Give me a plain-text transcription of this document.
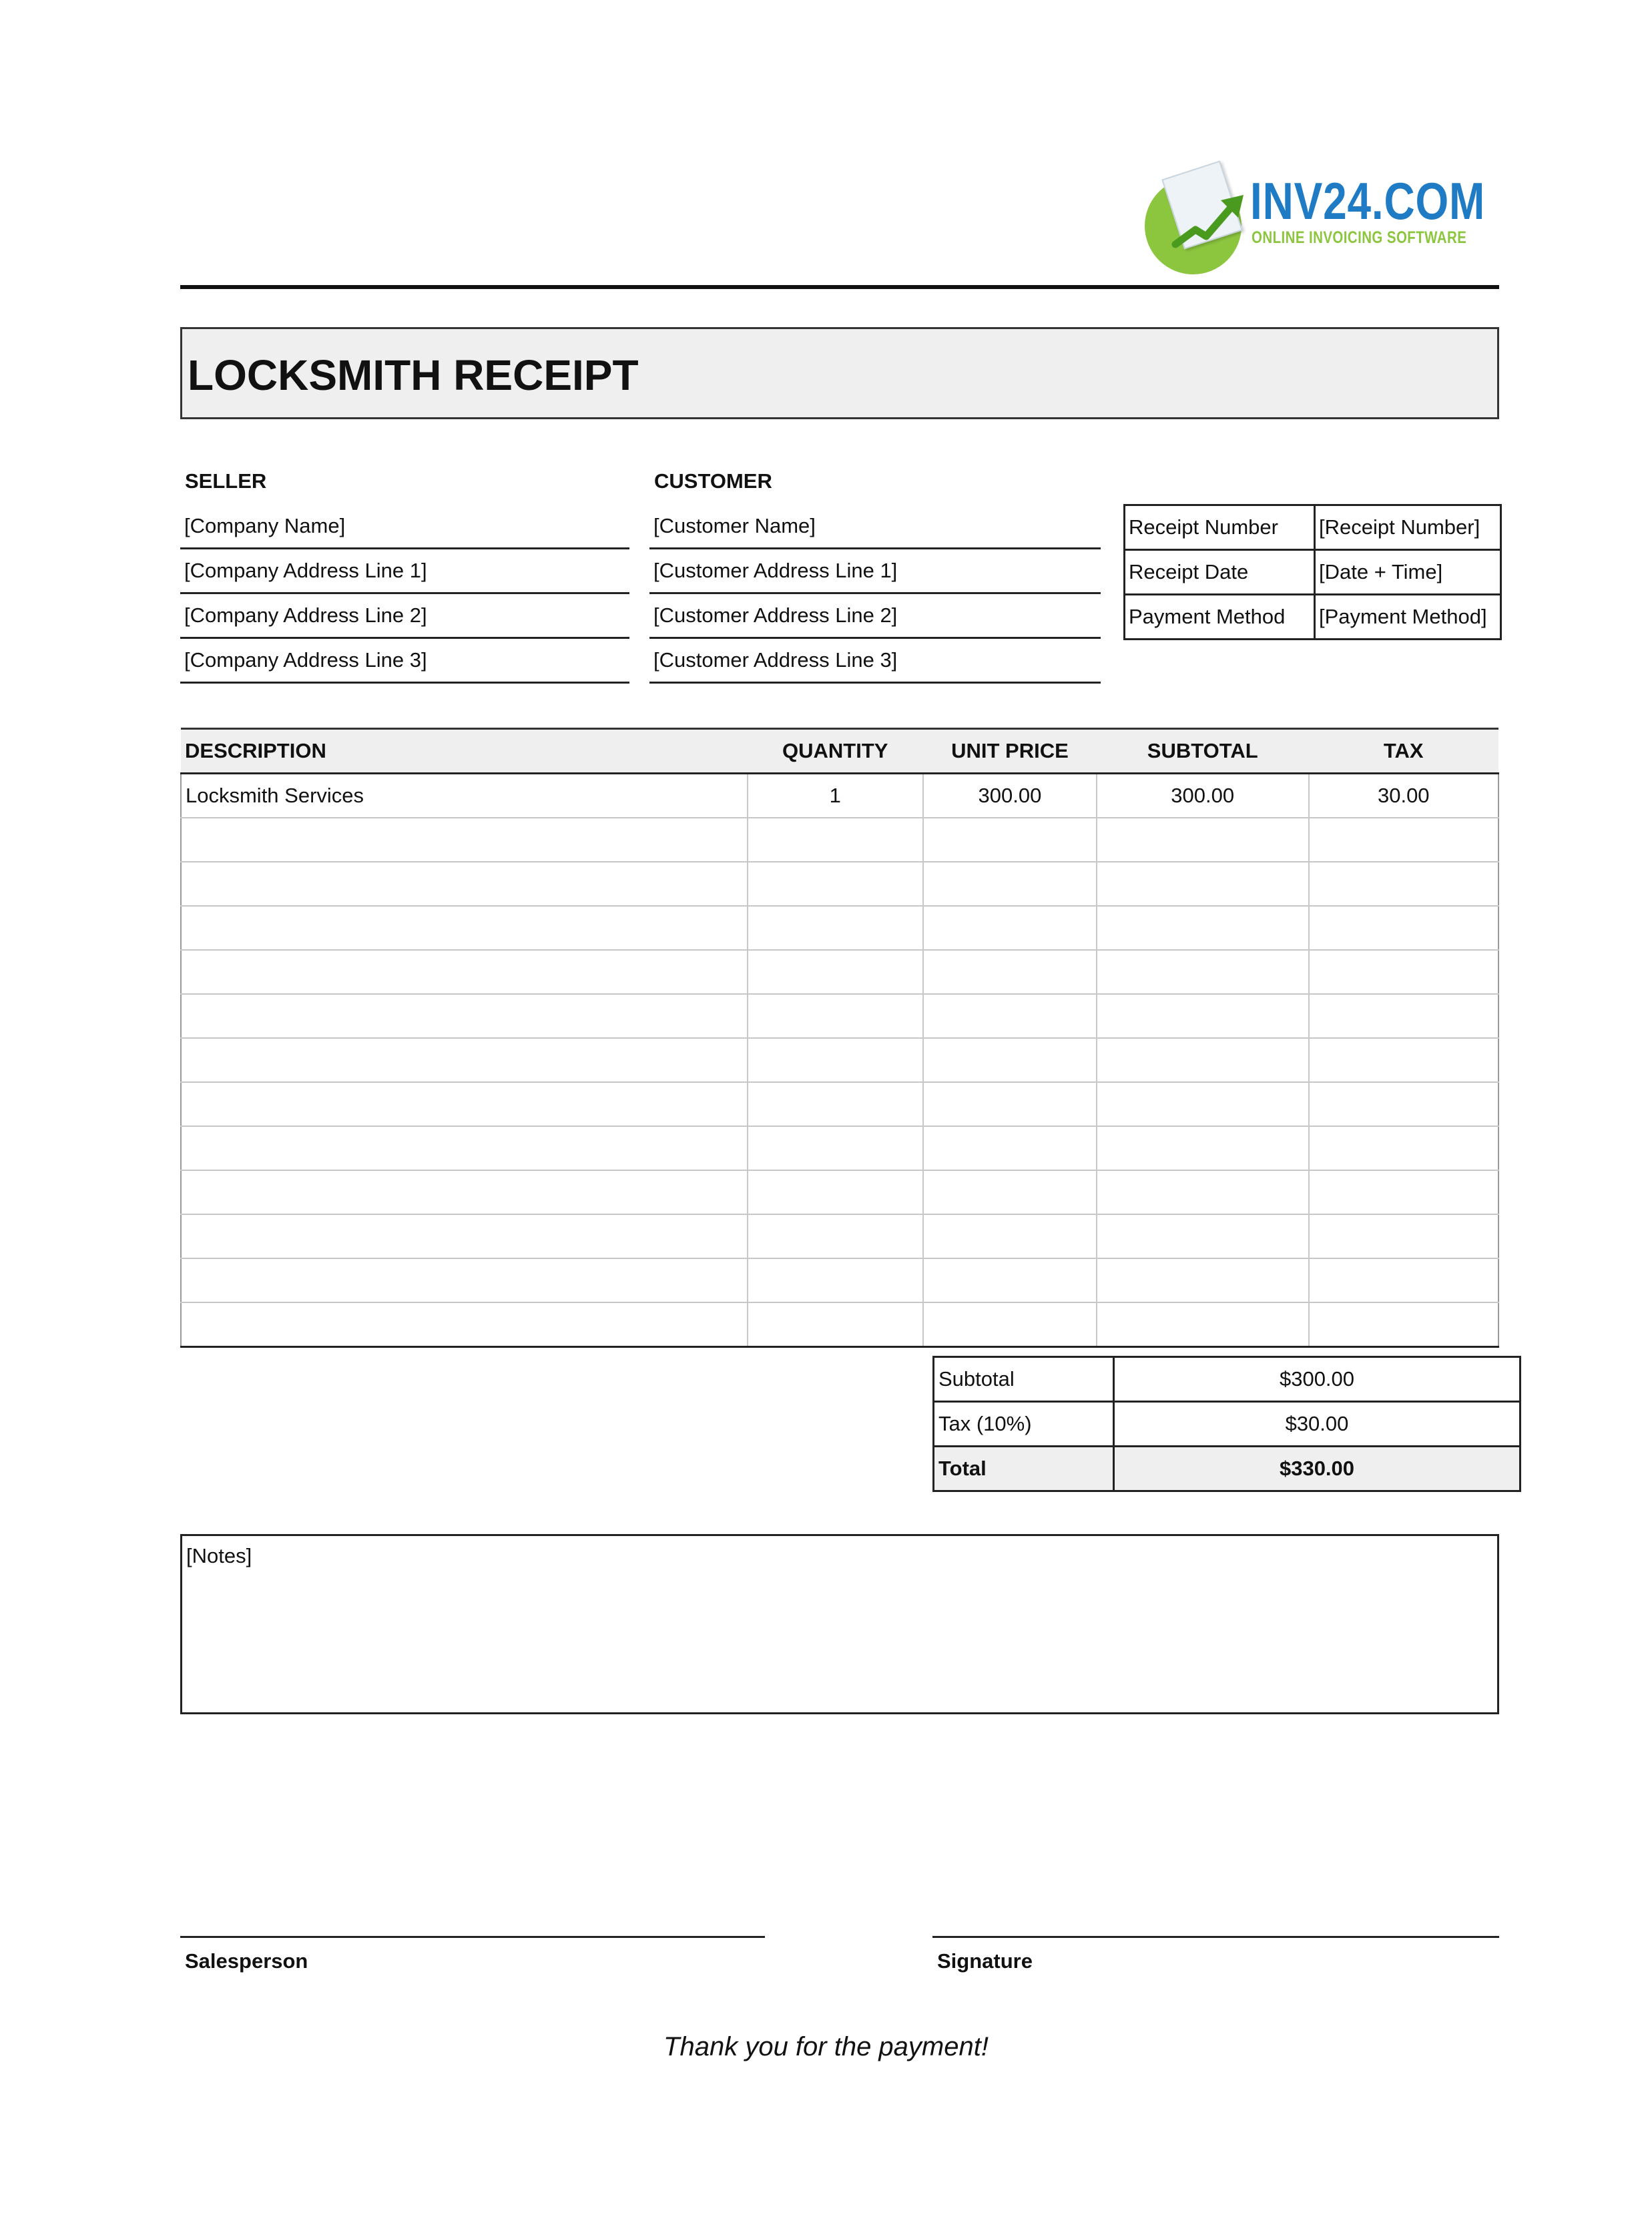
INV24.COM
ONLINE INVOICING SOFTWARE
LOCKSMITH RECEIPT
SELLER
[Company Name]
[Company Address Line 1]
[Company Address Line 2]
[Company Address Line 3]
CUSTOMER
[Customer Name]
[Customer Address Line 1]
[Customer Address Line 2]
[Customer Address Line 3]
Receipt Number	[Receipt Number]
Receipt Date	[Date + Time]
Payment Method	[Payment Method]
DESCRIPTION	QUANTITY	UNIT PRICE	SUBTOTAL	TAX
Locksmith Services	1	300.00	300.00	30.00

Subtotal	$300.00
Tax (10%)	$30.00
Total	$330.00
[Notes]
Salesperson	Signature
Thank you for the payment!
